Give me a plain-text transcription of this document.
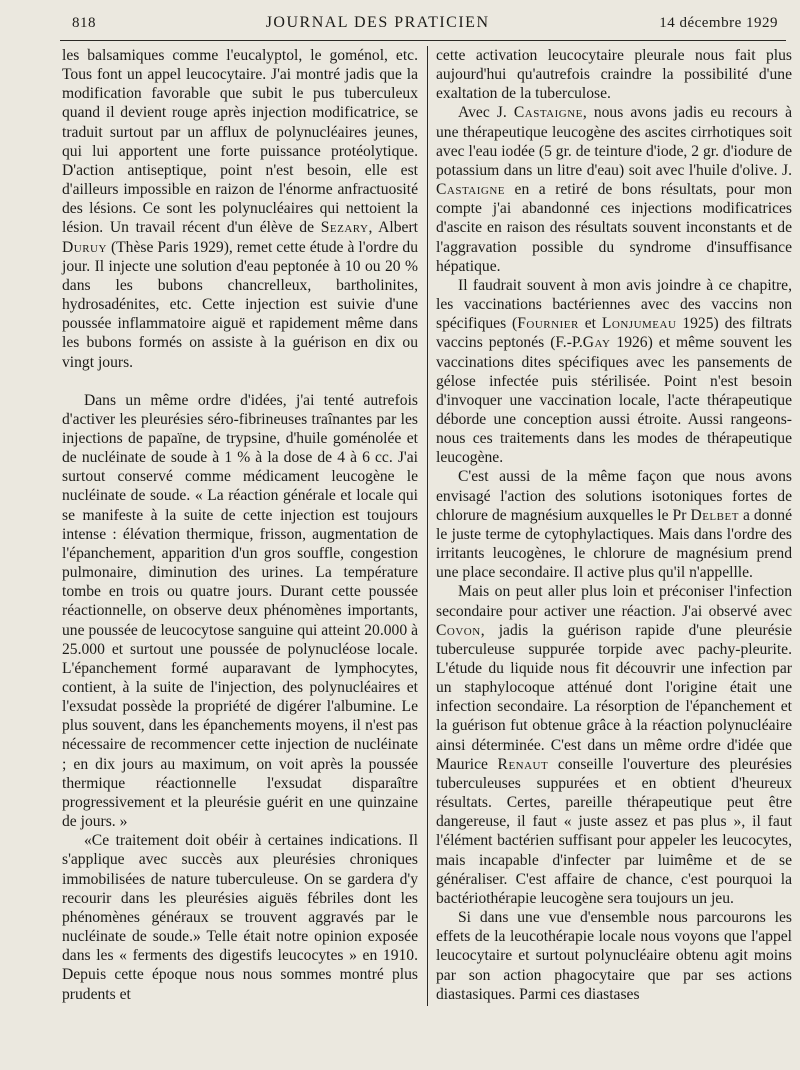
818	JOURNAL DES PRATICIEN	14 décembre 1929

les balsamiques comme l'eucalyptol, le goménol, etc. Tous font un appel leucocytaire. J'ai montré jadis que la modification favorable que subit le pus tuberculeux quand il devient rouge après injection modificatrice, se traduit surtout par un afflux de polynucléaires jeunes, qui lui apportent une forte puissance protéolytique. D'action antiseptique, point n'est besoin, elle est d'ailleurs impossible en raizon de l'énorme anfractuosité des lésions. Ce sont les polynucléaires qui nettoient la lésion. Un travail récent d'un élève de Sezary, Albert Duruy (Thèse Paris 1929), remet cette étude à l'ordre du jour. Il injecte une solution d'eau peptonée à 10 ou 20 % dans les bubons chancrelleux, bartholinites, hydrosadénites, etc. Cette injection est suivie d'une poussée inflammatoire aiguë et rapidement même dans les bubons formés on assiste à la guérison en dix ou vingt jours.

Dans un même ordre d'idées, j'ai tenté autrefois d'activer les pleurésies séro-fibrineuses traînantes par les injections de papaïne, de trypsine, d'huile goménolée et de nucléinate de soude à 1 % à la dose de 4 à 6 cc. J'ai surtout conservé comme médicament leucogène le nucléinate de soude. « La réaction générale et locale qui se manifeste à la suite de cette injection est toujours intense : élévation thermique, frisson, augmentation de l'épanchement, apparition d'un gros souffle, congestion pulmonaire, diminution des urines. La température tombe en trois ou quatre jours. Durant cette poussée réactionnelle, on observe deux phénomènes importants, une poussée de leucocytose sanguine qui atteint 20.000 à 25.000 et surtout une poussée de polynucléose locale. L'épanchement formé auparavant de lymphocytes, contient, à la suite de l'injection, des polynucléaires et l'exsudat possède la propriété de digérer l'albumine. Le plus souvent, dans les épanchements moyens, il n'est pas nécessaire de recommencer cette injection de nucléinate ; en dix jours au maximum, on voit après la poussée thermique réactionnelle l'exsudat disparaître progressivement et la pleurésie guérit en une quinzaine de jours. »

«Ce traitement doit obéir à certaines indications. Il s'applique avec succès aux pleurésies chroniques immobilisées de nature tuberculeuse. On se gardera d'y recourir dans les pleurésies aiguës fébriles dont les phénomènes généraux se trouvent aggravés par le nucléinate de soude.» Telle était notre opinion exposée dans les « ferments des digestifs leucocytes » en 1910. Depuis cette époque nous nous sommes montré plus prudents et

cette activation leucocytaire pleurale nous fait plus aujourd'hui qu'autrefois craindre la possibilité d'une exaltation de la tuberculose.

Avec J. Castaigne, nous avons jadis eu recours à une thérapeutique leucogène des ascites cirrhotiques soit avec l'eau iodée (5 gr. de teinture d'iode, 2 gr. d'iodure de potassium dans un litre d'eau) soit avec l'huile d'olive. J. Castaigne en a retiré de bons résultats, pour mon compte j'ai abandonné ces injections modificatrices d'ascite en raison des résultats souvent inconstants et de l'aggravation possible du syndrome d'insuffisance hépatique.

Il faudrait souvent à mon avis joindre à ce chapitre, les vaccinations bactériennes avec des vaccins non spécifiques (Fournier et Lonjumeau 1925) des filtrats vaccins peptonés (F.-P.Gay 1926) et même souvent les vaccinations dites spécifiques avec les pansements de gélose infectée puis stérilisée. Point n'est besoin d'invoquer une vaccination locale, l'acte thérapeutique déborde une conception aussi étroite. Aussi rangeons-nous ces traitements dans les modes de thérapeutique leucogène.

C'est aussi de la même façon que nous avons envisagé l'action des solutions isotoniques fortes de chlorure de magnésium auxquelles le Pr Delbet a donné le juste terme de cytophylactiques. Mais dans l'ordre des irritants leucogènes, le chlorure de magnésium prend une place secondaire. Il active plus qu'il n'appellle.

Mais on peut aller plus loin et préconiser l'infection secondaire pour activer une réaction. J'ai observé avec Covon, jadis la guérison rapide d'une pleurésie tuberculeuse suppurée torpide avec pachy-pleurite. L'étude du liquide nous fit découvrir une infection par un staphylocoque atténué dont l'origine était une infection secondaire. La résorption de l'épanchement et la guérison fut obtenue grâce à la réaction polynucléaire ainsi déterminée. C'est dans un même ordre d'idée que Maurice Renaut conseille l'ouverture des pleurésies tuberculeuses suppurées et en obtient d'heureux résultats. Certes, pareille thérapeutique peut être dangereuse, il faut « juste assez et pas plus », il faut l'élément bactérien suffisant pour appeler les leucocytes, mais incapable d'infecter par luimême et de se généraliser. C'est affaire de chance, c'est pourquoi la bactériothérapie leucogène sera toujours un jeu.

Si dans une vue d'ensemble nous parcourons les effets de la leucothérapie locale nous voyons que l'appel leucocytaire et surtout polynucléaire obtenu agit moins par son action phagocytaire que par ses actions diastasiques. Parmi ces diastases
